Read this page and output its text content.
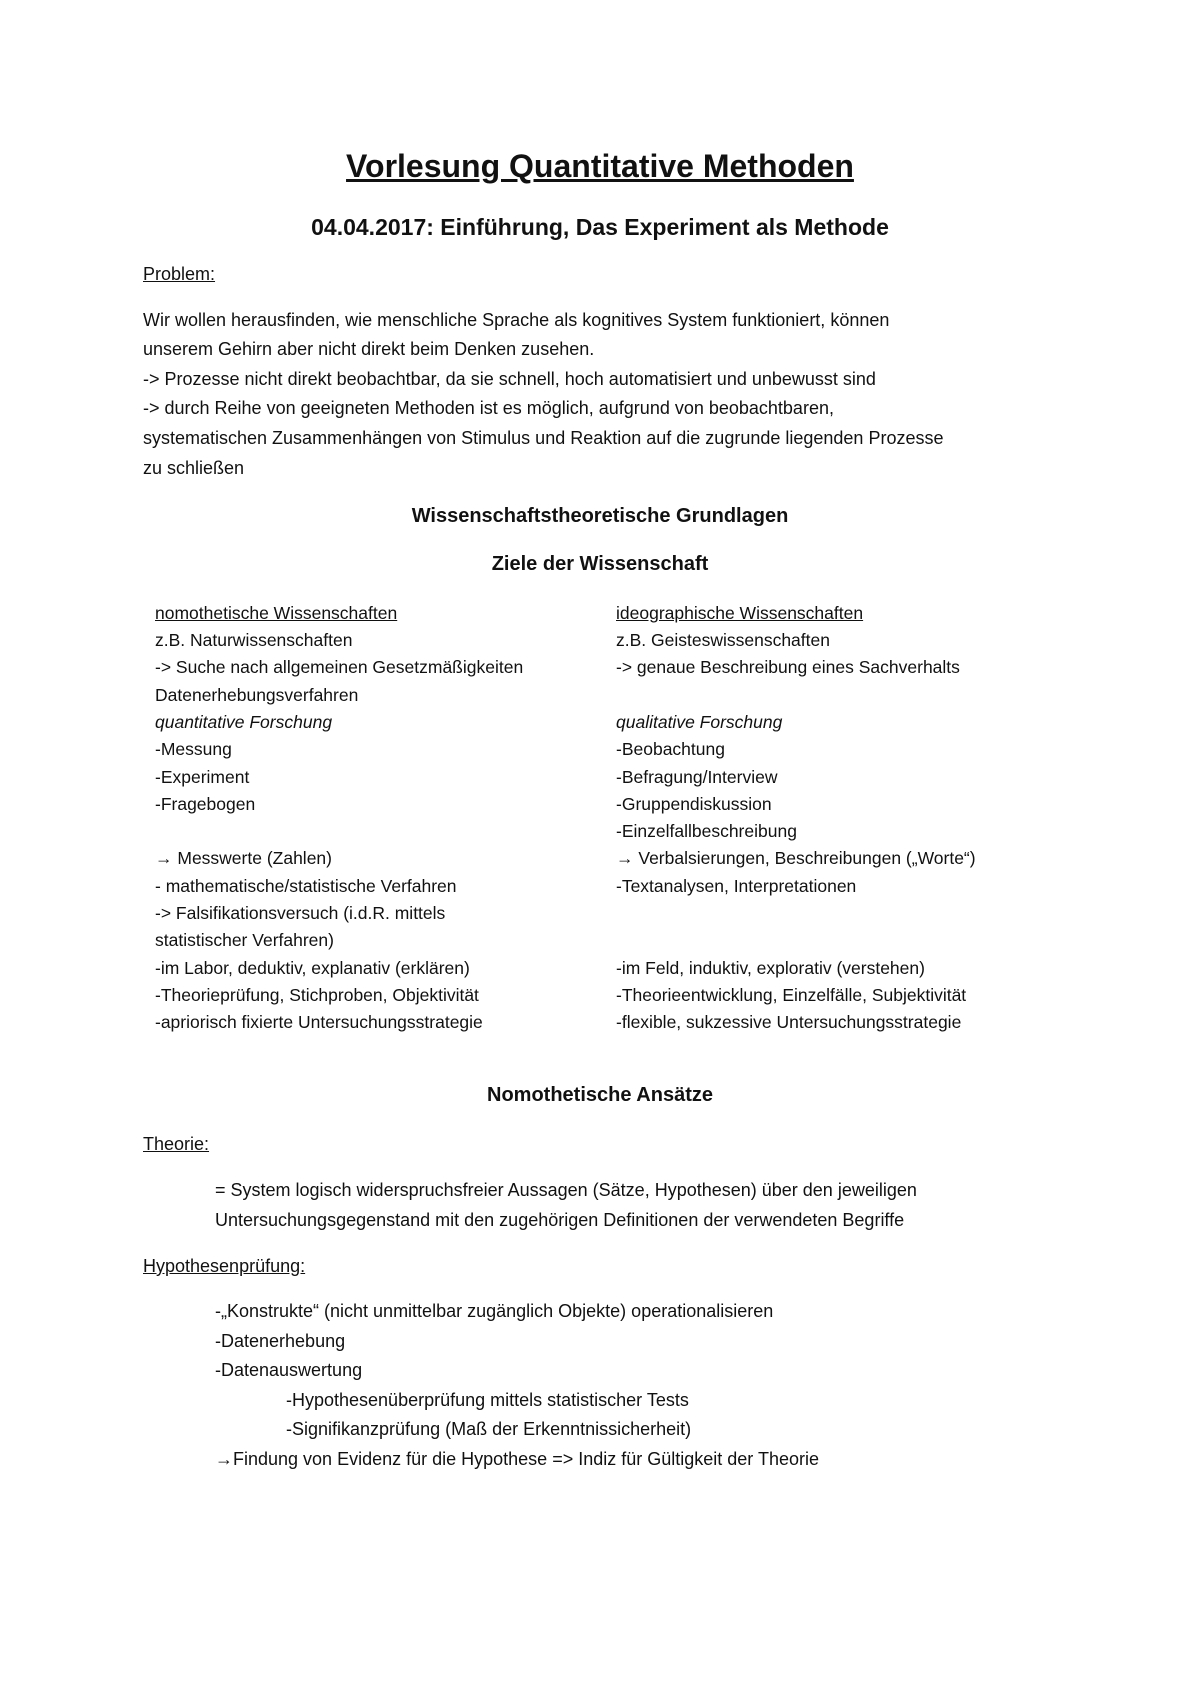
Vorlesung Quantitative Methoden
04.04.2017: Einführung, Das Experiment als Methode
Problem:
Wir wollen herausfinden, wie menschliche Sprache als kognitives System funktioniert, können
unserem Gehirn aber nicht direkt beim Denken zusehen.
-> Prozesse nicht direkt beobachtbar, da sie schnell, hoch automatisiert und unbewusst sind
-> durch Reihe von geeigneten Methoden ist es möglich, aufgrund von beobachtbaren,
systematischen Zusammenhängen von Stimulus und Reaktion auf die zugrunde liegenden Prozesse
zu schließen
Wissenschaftstheoretische Grundlagen
Ziele der Wissenschaft
nomothetische Wissenschaften
z.B. Naturwissenschaften
-> Suche nach allgemeinen Gesetzmäßigkeiten
Datenerhebungsverfahren
quantitative Forschung
-Messung
-Experiment
-Fragebogen
→ Messwerte (Zahlen)
- mathematische/statistische Verfahren
-> Falsifikationsversuch (i.d.R. mittels
statistischer Verfahren)
-im Labor, deduktiv, explanativ (erklären)
-Theorieprüfung, Stichproben, Objektivität
-apriorisch fixierte Untersuchungsstrategie
ideographische Wissenschaften
z.B. Geisteswissenschaften
-> genaue Beschreibung eines Sachverhalts
qualitative Forschung
-Beobachtung
-Befragung/Interview
-Gruppendiskussion
-Einzelfallbeschreibung
→ Verbalsierungen, Beschreibungen („Worte“)
-Textanalysen, Interpretationen
-im Feld, induktiv, explorativ (verstehen)
-Theorieentwicklung, Einzelfälle, Subjektivität
-flexible, sukzessive Untersuchungsstrategie
Nomothetische Ansätze
Theorie:
= System logisch widerspruchsfreier Aussagen (Sätze, Hypothesen) über den jeweiligen
Untersuchungsgegenstand mit den zugehörigen Definitionen der verwendeten Begriffe
Hypothesenprüfung:
-„Konstrukte“ (nicht unmittelbar zugänglich Objekte) operationalisieren
-Datenerhebung
-Datenauswertung
-Hypothesenüberprüfung mittels statistischer Tests
-Signifikanzprüfung (Maß der Erkenntnissicherheit)
→Findung von Evidenz für die Hypothese => Indiz für Gültigkeit der Theorie
